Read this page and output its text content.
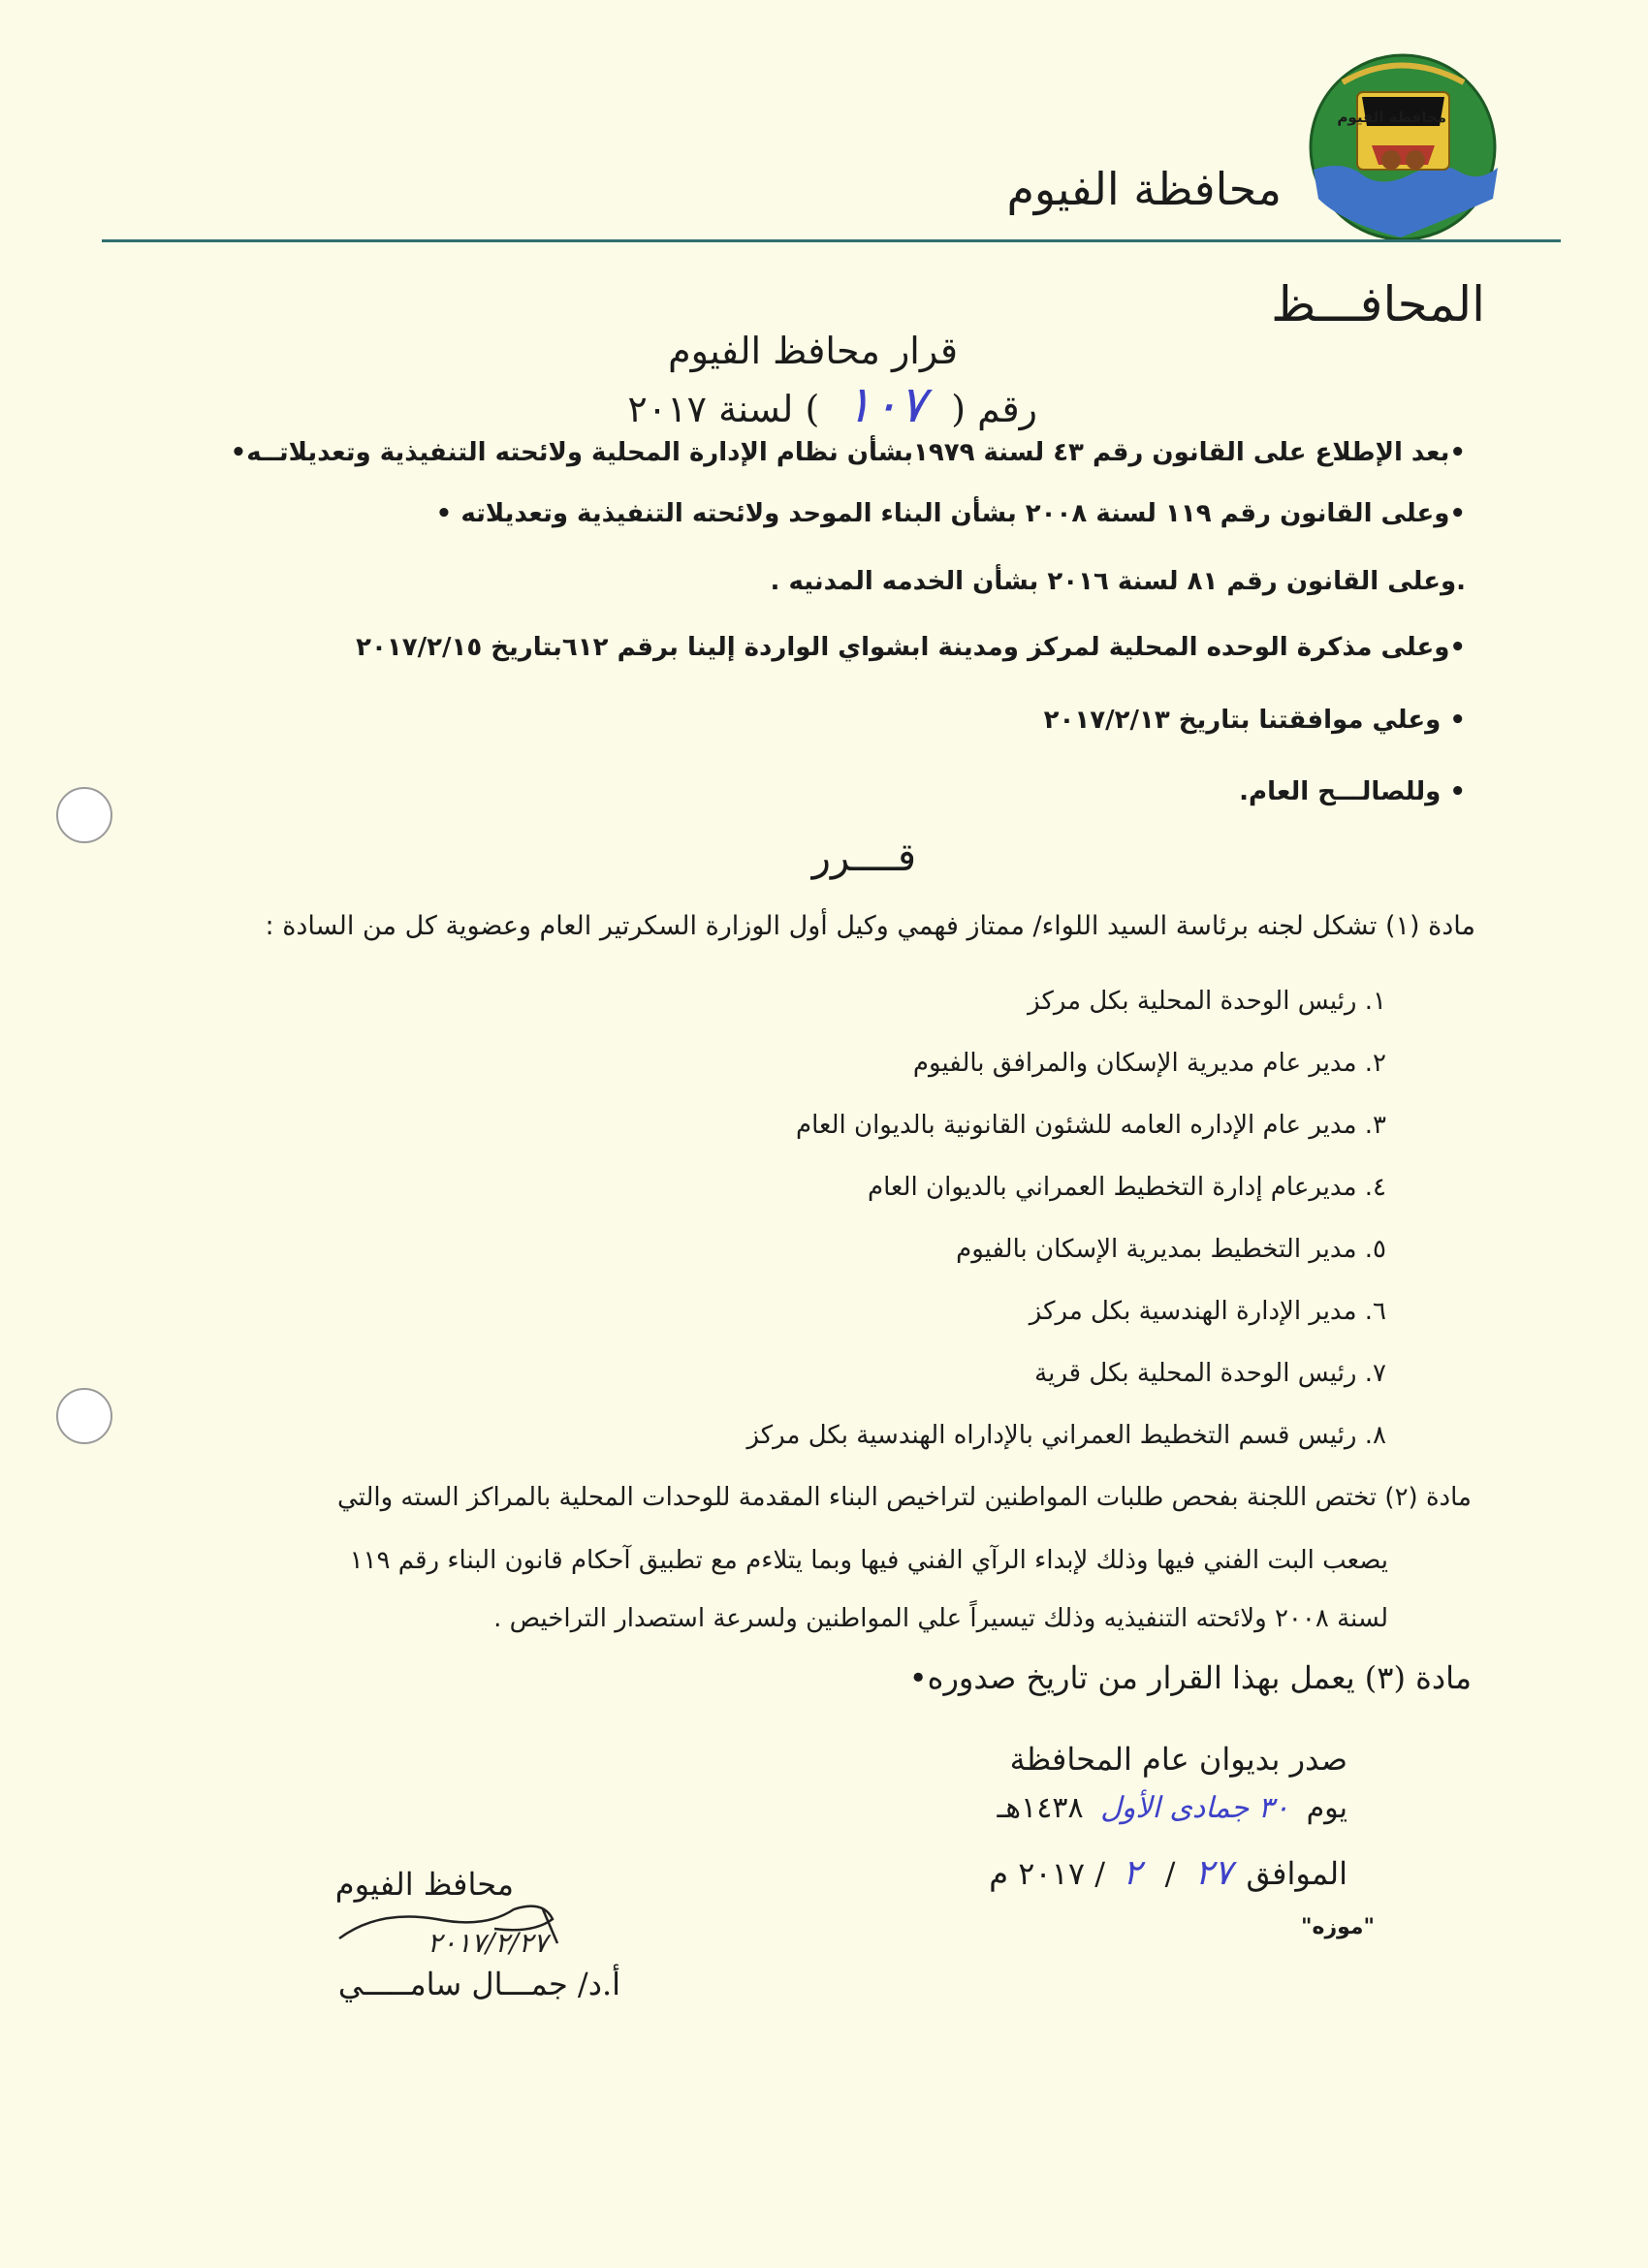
محافظة الفيوم
محافظة الفيوم
المحافـــظ
قرار محافظ الفيوم
رقم ( ١٠٧ ) لسنة ٢٠١٧
•بعد الإطلاع على القانون رقم ٤٣ لسنة ١٩٧٩بشأن نظام الإدارة المحلية ولائحته التنفيذية وتعديلاتــه•
•وعلى القانون رقم ١١٩ لسنة ٢٠٠٨ بشأن البناء الموحد ولائحته التنفيذية وتعديلاته •
.وعلى القانون رقم ٨١ لسنة ٢٠١٦ بشأن الخدمه المدنيه .
•وعلى مذكرة الوحده المحلية لمركز ومدينة ابشواي الواردة إلينا برقم ٦١٢بتاريخ ٢٠١٧/٢/١٥
• وعلي موافقتنا بتاريخ ٢٠١٧/٢/١٣
• وللصالـــح العام.
قــــرر
مادة (١) تشكل لجنه برئاسة السيد اللواء/ ممتاز فهمي وكيل أول الوزارة السكرتير العام وعضوية كل من السادة :
١. رئيس الوحدة المحلية بكل مركز
٢. مدير عام مديرية الإسكان والمرافق بالفيوم
٣. مدير عام الإداره العامه للشئون القانونية بالديوان العام
٤. مديرعام إدارة التخطيط العمراني بالديوان العام
٥. مدير التخطيط بمديرية الإسكان بالفيوم
٦. مدير الإدارة الهندسية بكل مركز
٧. رئيس الوحدة المحلية بكل قرية
٨. رئيس قسم التخطيط العمراني بالإداراه الهندسية بكل مركز
مادة (٢) تختص اللجنة بفحص طلبات المواطنين لتراخيص البناء المقدمة للوحدات المحلية بالمراكز السته والتي
يصعب البت الفني فيها وذلك لإبداء الرآي الفني فيها وبما يتلاءم مع تطبيق آحكام قانون البناء رقم ١١٩
لسنة ٢٠٠٨ ولائحته التنفيذيه وذلك تيسيراً علي المواطنين ولسرعة استصدار التراخيص .
مادة (٣) يعمل بهذا القرار من تاريخ صدوره•
صدر بديوان عام المحافظة
يوم ٣٠ جمادى الأول ١٤٣٨هـ
الموافق ٢٧ / ٢ / ٢٠١٧ م
"موزه"
محافظ الفيوم
٢٠١٧/٢/٢٧
أ.د/ جمـــال سامـــــي
